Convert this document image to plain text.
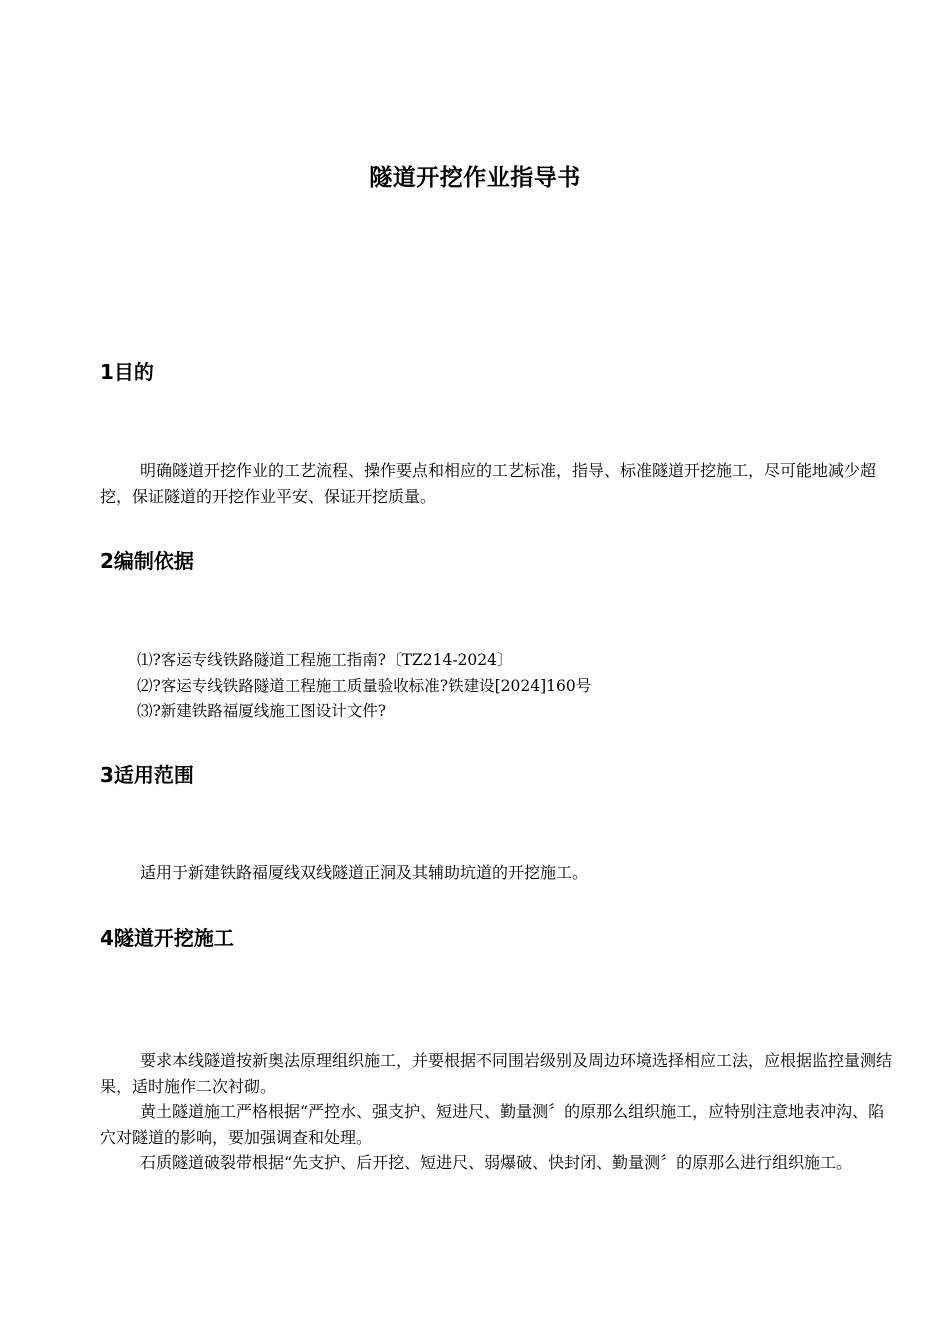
隧道开挖作业指导书
1目的

明确隧道开挖作业的工艺流程、操作要点和相应的工艺标准，指导、标准隧道开挖施工，尽可能地减少超挖，保证隧道的开挖作业平安、保证开挖质量。

2编制依据

⑴?客运专线铁路隧道工程施工指南?〔TZ214-2024〕

⑵?客运专线铁路隧道工程施工质量验收标准?铁建设[2024]160号

⑶?新建铁路福厦线施工图设计文件?

3适用范围

适用于新建铁路福厦线双线隧道正洞及其辅助坑道的开挖施工。

4隧道开挖施工

要求本线隧道按新奥法原理组织施工，并要根据不同围岩级别及周边环境选择相应工法，应根据监控量测结果，适时施作二次衬砌。

黄土隧道施工严格根据“严控水、强支护、短进尺、勤量测〞的原那么组织施工，应特别注意地表冲沟、陷穴对隧道的影响，要加强调查和处理。

石质隧道破裂带根据“先支护、后开挖、短进尺、弱爆破、快封闭、勤量测〞的原那么进行组织施工。
